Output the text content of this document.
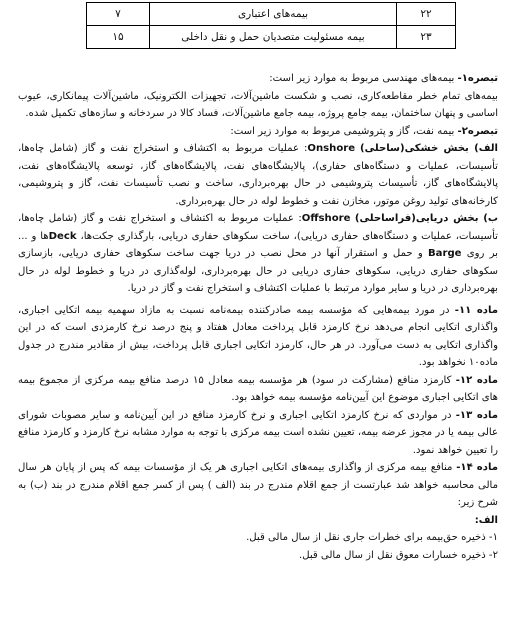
۲۲	بیمه‌های اعتباری	۷
۲۳	بیمه مسئولیت متصدیان حمل و نقل داخلی	۱۵

تبصره۱- بیمه‌های مهندسی مربوط به موارد زیر است:

بیمه‌های تمام خطر مقاطعه‌کاری، نصب و شکست ماشین‌آلات، تجهیزات الکترونیک، ماشین‌آلات پیمانکاری، عیوب اساسی و پنهان ساختمان، بیمه جامع پروژه، بیمه جامع ماشین‌آلات، فساد کالا در سردخانه و سازه‌های تکمیل شده.

تبصره۲- بیمه نفت، گاز و پتروشیمی مربوط به موارد زیر است:

الف) بخش خشکی(ساحلی) Onshore: عملیات مربوط به اکتشاف و استخراج نفت و گاز (شامل چاه‌ها، تأسیسات، عملیات و دستگاه‌های حفاری)، پالایشگاه‌های نفت، پالایشگاه‌های گاز، توسعه پالایشگاه‌های نفت، پالایشگاه‌های گاز، تأسیسات پتروشیمی در حال بهره‌برداری، ساخت و نصب تأسیسات نفت، گاز و پتروشیمی، کارخانه‌های تولید روغن موتور، مخازن نفت و خطوط لوله در حال بهره‌برداری.

ب) بخش دریایی(فراساحلی) Offshore: عملیات مربوط به اکتشاف و استخراج نفت و گاز (شامل چاه‌ها، تأسیسات، عملیات و دستگاه‌های حفاری دریایی)، ساخت سکوهای حفاری دریایی، بارگذاری جکت‌ها، Deck‌ها و ... بر روی Barge و حمل و استقرار آنها در محل نصب در دریا جهت ساخت سکوهای حفاری دریایی، بازسازی سکوهای حفاری دریایی، سکوهای حفاری دریایی در حال بهره‌برداری، لوله‌گذاری در دریا و خطوط لوله در حال بهره‌برداری در دریا و سایر موارد مرتبط با عملیات اکتشاف و استخراج نفت و گاز در دریا.

ماده ۱۱- در مورد بیمه‌هایی که مؤسسه بیمه صادرکننده بیمه‌نامه نسبت به مازاد سهمیه بیمه اتکایی اجباری، واگذاری اتکایی انجام می‌دهد نرخ کارمزد قابل پرداخت معادل هفتاد و پنج درصد نرخ کارمزدی است که در این واگذاری اتکایی به دست می‌آورد. در هر حال، کارمزد اتکایی اجباری قابل پرداخت، بیش از مقادیر مندرج در جدول ماده۱۰ نخواهد بود.

ماده ۱۲- کارمزد منافع (مشارکت در سود) هر مؤسسه بیمه معادل ۱۵ درصد منافع بیمه مرکزی از مجموع بیمه های اتکایی اجباری موضوع این آیین‌نامه مؤسسه بیمه خواهد بود.

ماده ۱۳- در مواردی که نرخ کارمزد اتکایی اجباری و نرخ کارمزد منافع در این آیین‌نامه و سایر مصوبات شورای عالی بیمه یا در مجوز عرضه بیمه، تعیین نشده است بیمه مرکزی با توجه به موارد مشابه نرخ کارمزد و کارمزد منافع را تعیین خواهد نمود.

ماده ۱۴- منافع بیمه مرکزی از واگذاری بیمه‌های اتکایی اجباری هر یک از مؤسسات بیمه که پس از پایان هر سال مالی محاسبه خواهد شد عبارتست از جمع اقلام مندرج در بند (الف ) پس از کسر جمع اقلام مندرج در بند (ب) به شرح زیر:

الف:

۱- ذخیره حق‌بیمه برای خطرات جاری نقل از سال مالی قبل.

۲- ذخیره خسارات معوق نقل از سال مالی قبل.
